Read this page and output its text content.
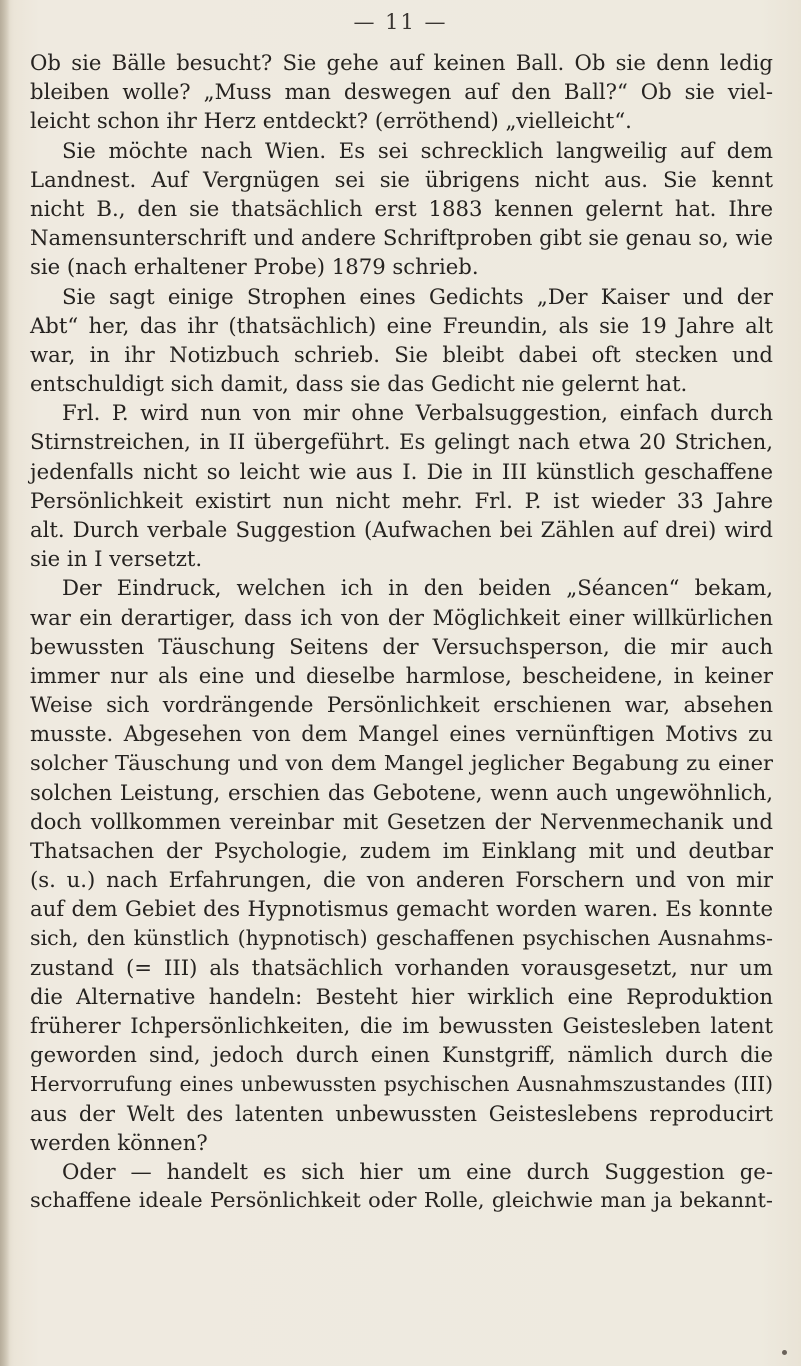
— 11 —
Ob sie Bälle besucht? Sie gehe auf keinen Ball. Ob sie denn ledig
bleiben wolle? „Muss man deswegen auf den Ball?“ Ob sie viel-
leicht schon ihr Herz entdeckt? (erröthend) „vielleicht“.
Sie möchte nach Wien. Es sei schrecklich langweilig auf dem
Landnest. Auf Vergnügen sei sie übrigens nicht aus. Sie kennt
nicht B., den sie thatsächlich erst 1883 kennen gelernt hat. Ihre
Namensunterschrift und andere Schriftproben gibt sie genau so, wie
sie (nach erhaltener Probe) 1879 schrieb.
Sie sagt einige Strophen eines Gedichts „Der Kaiser und der
Abt“ her, das ihr (thatsächlich) eine Freundin, als sie 19 Jahre alt
war, in ihr Notizbuch schrieb. Sie bleibt dabei oft stecken und
entschuldigt sich damit, dass sie das Gedicht nie gelernt hat.
Frl. P. wird nun von mir ohne Verbalsuggestion, einfach durch
Stirnstreichen, in II übergeführt. Es gelingt nach etwa 20 Strichen,
jedenfalls nicht so leicht wie aus I. Die in III künstlich geschaffene
Persönlichkeit existirt nun nicht mehr. Frl. P. ist wieder 33 Jahre
alt. Durch verbale Suggestion (Aufwachen bei Zählen auf drei) wird
sie in I versetzt.
Der Eindruck, welchen ich in den beiden „Séancen“ bekam,
war ein derartiger, dass ich von der Möglichkeit einer willkürlichen
bewussten Täuschung Seitens der Versuchsperson, die mir auch
immer nur als eine und dieselbe harmlose, bescheidene, in keiner
Weise sich vordrängende Persönlichkeit erschienen war, absehen
musste. Abgesehen von dem Mangel eines vernünftigen Motivs zu
solcher Täuschung und von dem Mangel jeglicher Begabung zu einer
solchen Leistung, erschien das Gebotene, wenn auch ungewöhnlich,
doch vollkommen vereinbar mit Gesetzen der Nervenmechanik und
Thatsachen der Psychologie, zudem im Einklang mit und deutbar
(s. u.) nach Erfahrungen, die von anderen Forschern und von mir
auf dem Gebiet des Hypnotismus gemacht worden waren. Es konnte
sich, den künstlich (hypnotisch) geschaffenen psychischen Ausnahms-
zustand (= III) als thatsächlich vorhanden vorausgesetzt, nur um
die Alternative handeln: Besteht hier wirklich eine Reproduktion
früherer Ichpersönlichkeiten, die im bewussten Geistesleben latent
geworden sind, jedoch durch einen Kunstgriff, nämlich durch die
Hervorrufung eines unbewussten psychischen Ausnahmszustandes (III)
aus der Welt des latenten unbewussten Geisteslebens reproducirt
werden können?
Oder — handelt es sich hier um eine durch Suggestion ge-
schaffene ideale Persönlichkeit oder Rolle, gleichwie man ja bekannt-
